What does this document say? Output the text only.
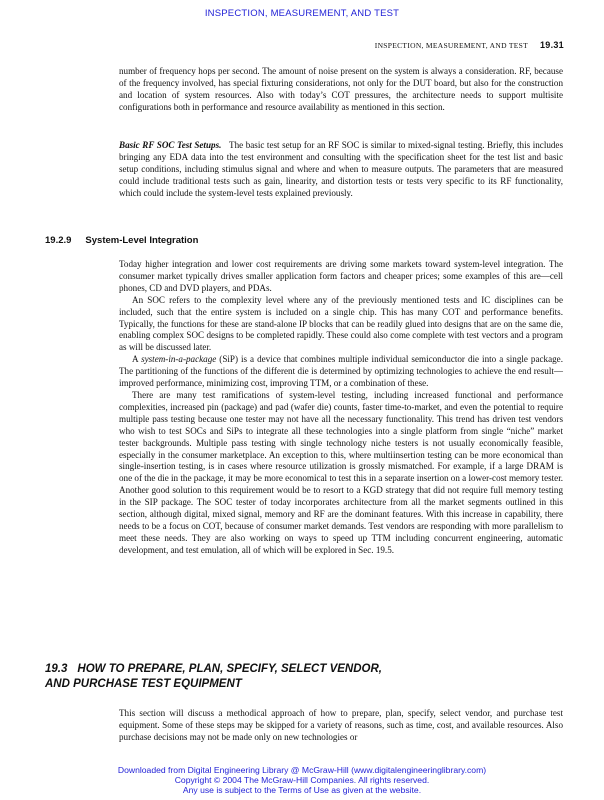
INSPECTION, MEASUREMENT, AND TEST
INSPECTION, MEASUREMENT, AND TEST 19.31

number of frequency hops per second. The amount of noise present on the system is always a consideration. RF, because of the frequency involved, has special fixturing considerations, not only for the DUT board, but also for the construction and location of system resources. Also with today’s COT pressures, the architecture needs to support multisite configurations both in performance and resource availability as mentioned in this section.

Basic RF SOC Test Setups. The basic test setup for an RF SOC is similar to mixed-signal testing. Briefly, this includes bringing any EDA data into the test environment and consulting with the specification sheet for the test list and basic setup conditions, including stimulus signal and where and when to measure outputs. The parameters that are measured could include traditional tests such as gain, linearity, and distortion tests or tests very specific to its RF functionality, which could include the system-level tests explained previously.

19.2.9 System-Level Integration

Today higher integration and lower cost requirements are driving some markets toward system-level integration. The consumer market typically drives smaller application form factors and cheaper prices; some examples of this are—cell phones, CD and DVD players, and PDAs.

An SOC refers to the complexity level where any of the previously mentioned tests and IC disciplines can be included, such that the entire system is included on a single chip. This has many COT and performance benefits. Typically, the functions for these are stand-alone IP blocks that can be readily glued into designs that are on the same die, enabling complex SOC designs to be completed rapidly. These could also come complete with test vectors and a program as will be discussed later.

A system-in-a-package (SiP) is a device that combines multiple individual semiconductor die into a single package. The partitioning of the functions of the different die is determined by optimizing technologies to achieve the end result—improved performance, minimizing cost, improving TTM, or a combination of these.

There are many test ramifications of system-level testing, including increased functional and performance complexities, increased pin (package) and pad (wafer die) counts, faster time-to-market, and even the potential to require multiple pass testing because one tester may not have all the necessary functionality. This trend has driven test vendors who wish to test SOCs and SiPs to integrate all these technologies into a single platform from single “niche” market tester backgrounds. Multiple pass testing with single technology niche testers is not usually economically feasible, especially in the consumer marketplace. An exception to this, where multiinsertion testing can be more economical than single-insertion testing, is in cases where resource utilization is grossly mismatched. For example, if a large DRAM is one of the die in the package, it may be more economical to test this in a separate insertion on a lower-cost memory tester. Another good solution to this requirement would be to resort to a KGD strategy that did not require full memory testing in the SIP package. The SOC tester of today incorporates architecture from all the market segments outlined in this section, although digital, mixed signal, memory and RF are the dominant features. With this increase in capability, there needs to be a focus on COT, because of consumer market demands. Test vendors are responding with more parallelism to meet these needs. They are also working on ways to speed up TTM including concurrent engineering, automatic development, and test emulation, all of which will be explored in Sec. 19.5.

19.3 HOW TO PREPARE, PLAN, SPECIFY, SELECT VENDOR,
AND PURCHASE TEST EQUIPMENT

This section will discuss a methodical approach of how to prepare, plan, specify, select vendor, and purchase test equipment. Some of these steps may be skipped for a variety of reasons, such as time, cost, and available resources. Also purchase decisions may not be made only on new technologies or

Downloaded from Digital Engineering Library @ McGraw-Hill (www.digitalengineeringlibrary.com)
Copyright © 2004 The McGraw-Hill Companies. All rights reserved.
Any use is subject to the Terms of Use as given at the website.
